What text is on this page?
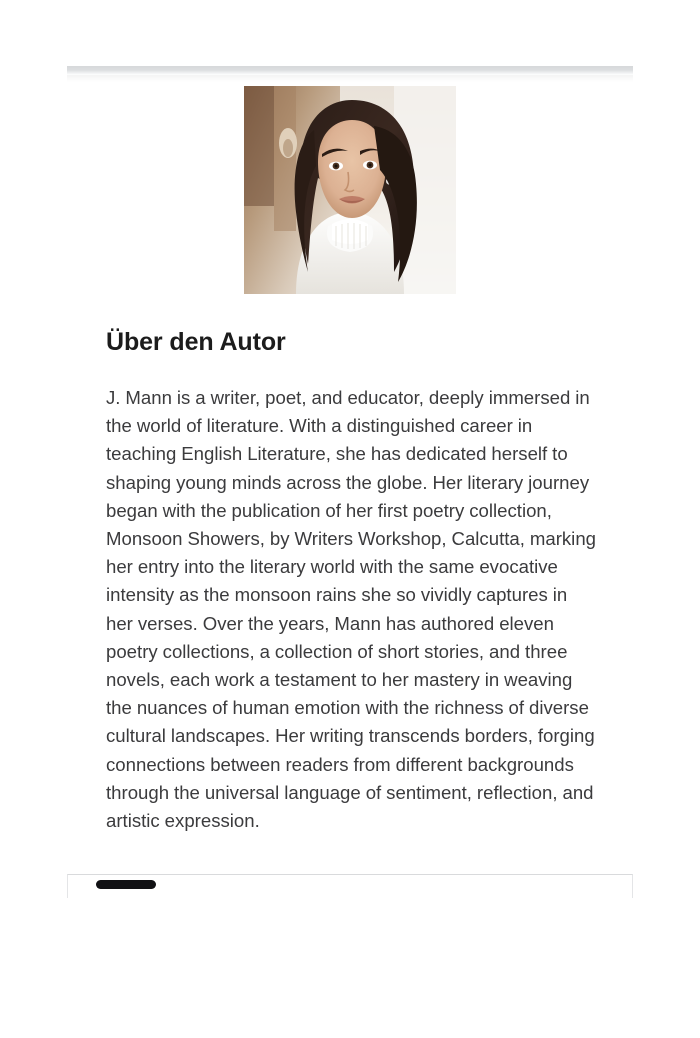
Über den Autor
J. Mann is a writer, poet, and educator, deeply immersed in the world of literature. With a distinguished career in teaching English Literature, she has dedicated herself to shaping young minds across the globe. Her literary journey began with the publication of her first poetry collection, Monsoon Showers, by Writers Workshop, Calcutta, marking her entry into the literary world with the same evocative intensity as the monsoon rains she so vividly captures in her verses. Over the years, Mann has authored eleven poetry collections, a collection of short stories, and three novels, each work a testament to her mastery in weaving the nuances of human emotion with the richness of diverse cultural landscapes. Her writing transcends borders, forging connections between readers from different backgrounds through the universal language of sentiment, reflection, and artistic expression.
